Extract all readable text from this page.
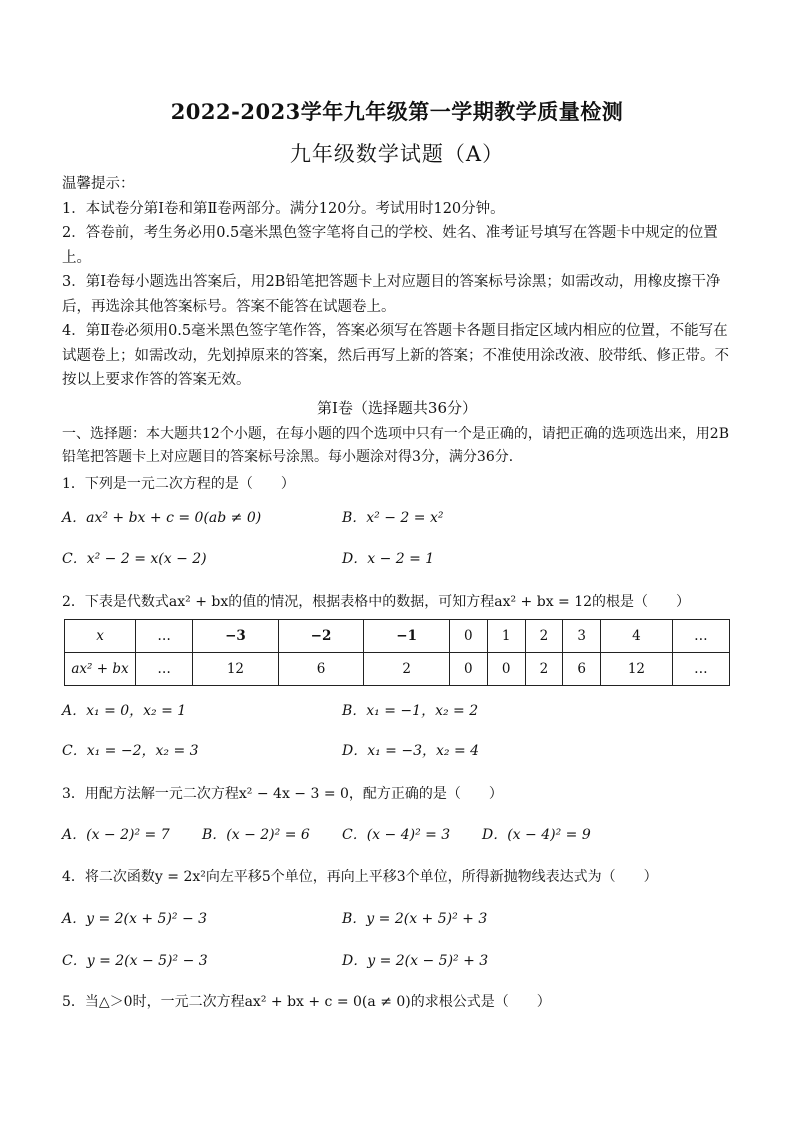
2022-2023学年九年级第一学期教学质量检测
九年级数学试题（A）

温馨提示：

1．本试卷分第Ⅰ卷和第Ⅱ卷两部分。满分120分。考试用时120分钟。

2．答卷前，考生务必用0.5毫米黑色签字笔将自己的学校、姓名、准考证号填写在答题卡中规定的位置上。

3．第Ⅰ卷每小题选出答案后，用2B铅笔把答题卡上对应题目的答案标号涂黑；如需改动，用橡皮擦干净后，再选涂其他答案标号。答案不能答在试题卷上。

4．第Ⅱ卷必须用0.5毫米黑色签字笔作答，答案必须写在答题卡各题目指定区域内相应的位置，不能写在试题卷上；如需改动，先划掉原来的答案，然后再写上新的答案；不准使用涂改液、胶带纸、修正带。不按以上要求作答的答案无效。

第Ⅰ卷（选择题共36分）
一、选择题：本大题共12个小题，在每小题的四个选项中只有一个是正确的，请把正确的选项选出来，用2B铅笔把答题卡上对应题目的答案标号涂黑。每小题涂对得3分，满分36分．
1．下列是一元二次方程的是（　　）
A．ax² + bx + c = 0(ab ≠ 0)	B．x² − 2 = x²
C．x² − 2 = x(x − 2)	D．x − 2 = 1
2．下表是代数式ax² + bx的值的情况，根据表格中的数据，可知方程ax² + bx = 12的根是（　　）
x	…	−3	−2	−1	0	1	2	3	4	…
ax² + bx	…	12	6	2	0	0	2	6	12	…
A．x₁ = 0，x₂ = 1	B．x₁ = −1，x₂ = 2
C．x₁ = −2，x₂ = 3	D．x₁ = −3，x₂ = 4
3．用配方法解一元二次方程x² − 4x − 3 = 0，配方正确的是（　　）
A．(x − 2)² = 7 B．(x − 2)² = 6 C．(x − 4)² = 3 D．(x − 4)² = 9
4．将二次函数y = 2x²向左平移5个单位，再向上平移3个单位，所得新抛物线表达式为（　　）
A．y = 2(x + 5)² − 3	B．y = 2(x + 5)² + 3
C．y = 2(x − 5)² − 3	D．y = 2(x − 5)² + 3
5．当△＞0时，一元二次方程ax² + bx + c = 0(a ≠ 0)的求根公式是（　　）
